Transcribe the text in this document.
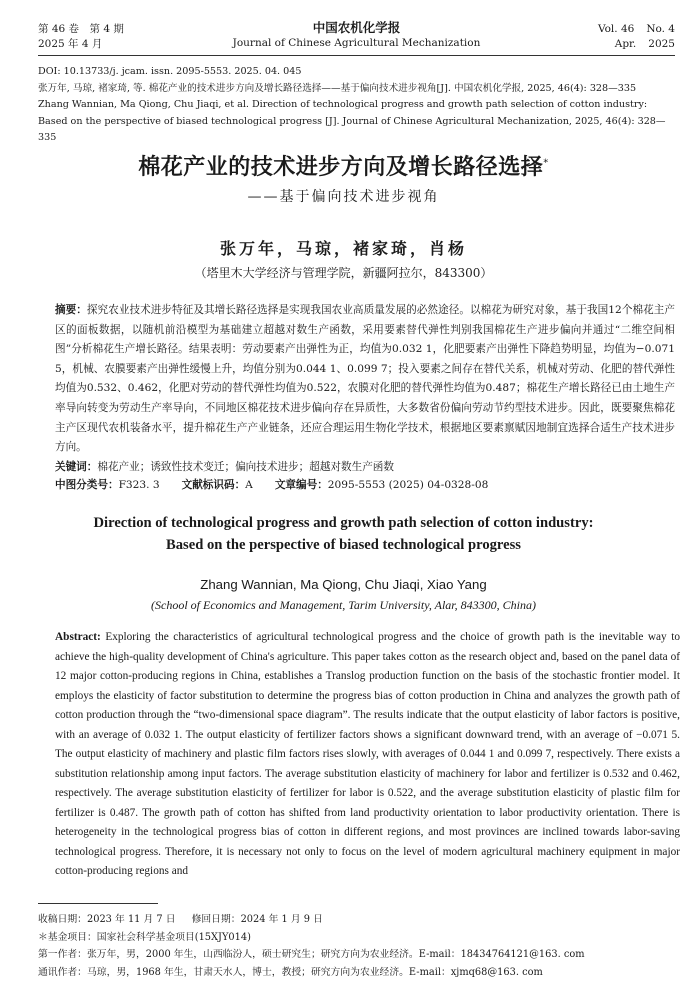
第 46 卷　第 4 期
2025 年 4 月
中国农机化学报
Journal of Chinese Agricultural Mechanization
Vol. 46 No. 4
Apr. 2025

DOI: 10.13733/j. jcam. issn. 2095-5553. 2025. 04. 045

张万年, 马琼, 褚家琦, 等. 棉花产业的技术进步方向及增长路径选择——基于偏向技术进步视角[J]. 中国农机化学报, 2025, 46(4): 328—335

Zhang Wannian, Ma Qiong, Chu Jiaqi, et al. Direction of technological progress and growth path selection of cotton industry: Based on the perspective of biased technological progress [J]. Journal of Chinese Agricultural Mechanization, 2025, 46(4): 328—335

棉花产业的技术进步方向及增长路径选择*
——基于偏向技术进步视角
张万年，马琼，褚家琦，肖杨
（塔里木大学经济与管理学院，新疆阿拉尔，843300）
摘要：探究农业技术进步特征及其增长路径选择是实现我国农业高质量发展的必然途径。以棉花为研究对象，基于我国12个棉花主产区的面板数据，以随机前沿模型为基础建立超越对数生产函数，采用要素替代弹性判别我国棉花生产进步偏向并通过“二维空间相图”分析棉花生产增长路径。结果表明：劳动要素产出弹性为正，均值为0.032 1，化肥要素产出弹性下降趋势明显，均值为−0.071 5，机械、农膜要素产出弹性缓慢上升，均值分别为0.044 1、0.099 7；投入要素之间存在替代关系，机械对劳动、化肥的替代弹性均值为0.532、0.462，化肥对劳动的替代弹性均值为0.522，农膜对化肥的替代弹性均值为0.487；棉花生产增长路径已由土地生产率导向转变为劳动生产率导向，不同地区棉花技术进步偏向存在异质性，大多数省份偏向劳动节约型技术进步。因此，既要聚焦棉花主产区现代农机装备水平，提升棉花生产产业链条，还应合理运用生物化学技术，根据地区要素禀赋因地制宜选择合适生产技术进步方向。
关键词：棉花产业；诱致性技术变迁；偏向技术进步；超越对数生产函数
中图分类号：F323. 3 文献标识码：A 文章编号：2095-5553 (2025) 04-0328-08
Direction of technological progress and growth path selection of cotton industry:
Based on the perspective of biased technological progress
Zhang Wannian, Ma Qiong, Chu Jiaqi, Xiao Yang
(School of Economics and Management, Tarim University, Alar, 843300, China)
Abstract: Exploring the characteristics of agricultural technological progress and the choice of growth path is the inevitable way to achieve the high-quality development of China's agriculture. This paper takes cotton as the research object and, based on the panel data of 12 major cotton-producing regions in China, establishes a Translog production function on the basis of the stochastic frontier model. It employs the elasticity of factor substitution to determine the progress bias of cotton production in China and analyzes the growth path of cotton production through the “two-dimensional space diagram”. The results indicate that the output elasticity of labor factors is positive, with an average of 0.032 1. The output elasticity of fertilizer factors shows a significant downward trend, with an average of −0.071 5. The output elasticity of machinery and plastic film factors rises slowly, with averages of 0.044 1 and 0.099 7, respectively. There exists a substitution relationship among input factors. The average substitution elasticity of machinery for labor and fertilizer is 0.532 and 0.462, respectively. The average substitution elasticity of fertilizer for labor is 0.522, and the average substitution elasticity of plastic film for fertilizer is 0.487. The growth path of cotton has shifted from land productivity orientation to labor productivity orientation. There is heterogeneity in the technological progress bias of cotton in different regions, and most provinces are inclined towards labor-saving technological progress. Therefore, it is necessary not only to focus on the level of modern agricultural machinery equipment in major cotton-producing regions and

收稿日期：2023 年 11 月 7 日 修回日期：2024 年 1 月 9 日

＊基金项目：国家社会科学基金项目(15XJY014)

第一作者：张万年，男，2000 年生，山西临汾人，硕士研究生；研究方向为农业经济。E-mail：18434764121@163. com

通讯作者：马琼，男，1968 年生，甘肃天水人，博士，教授；研究方向为农业经济。E-mail：xjmq68@163. com
